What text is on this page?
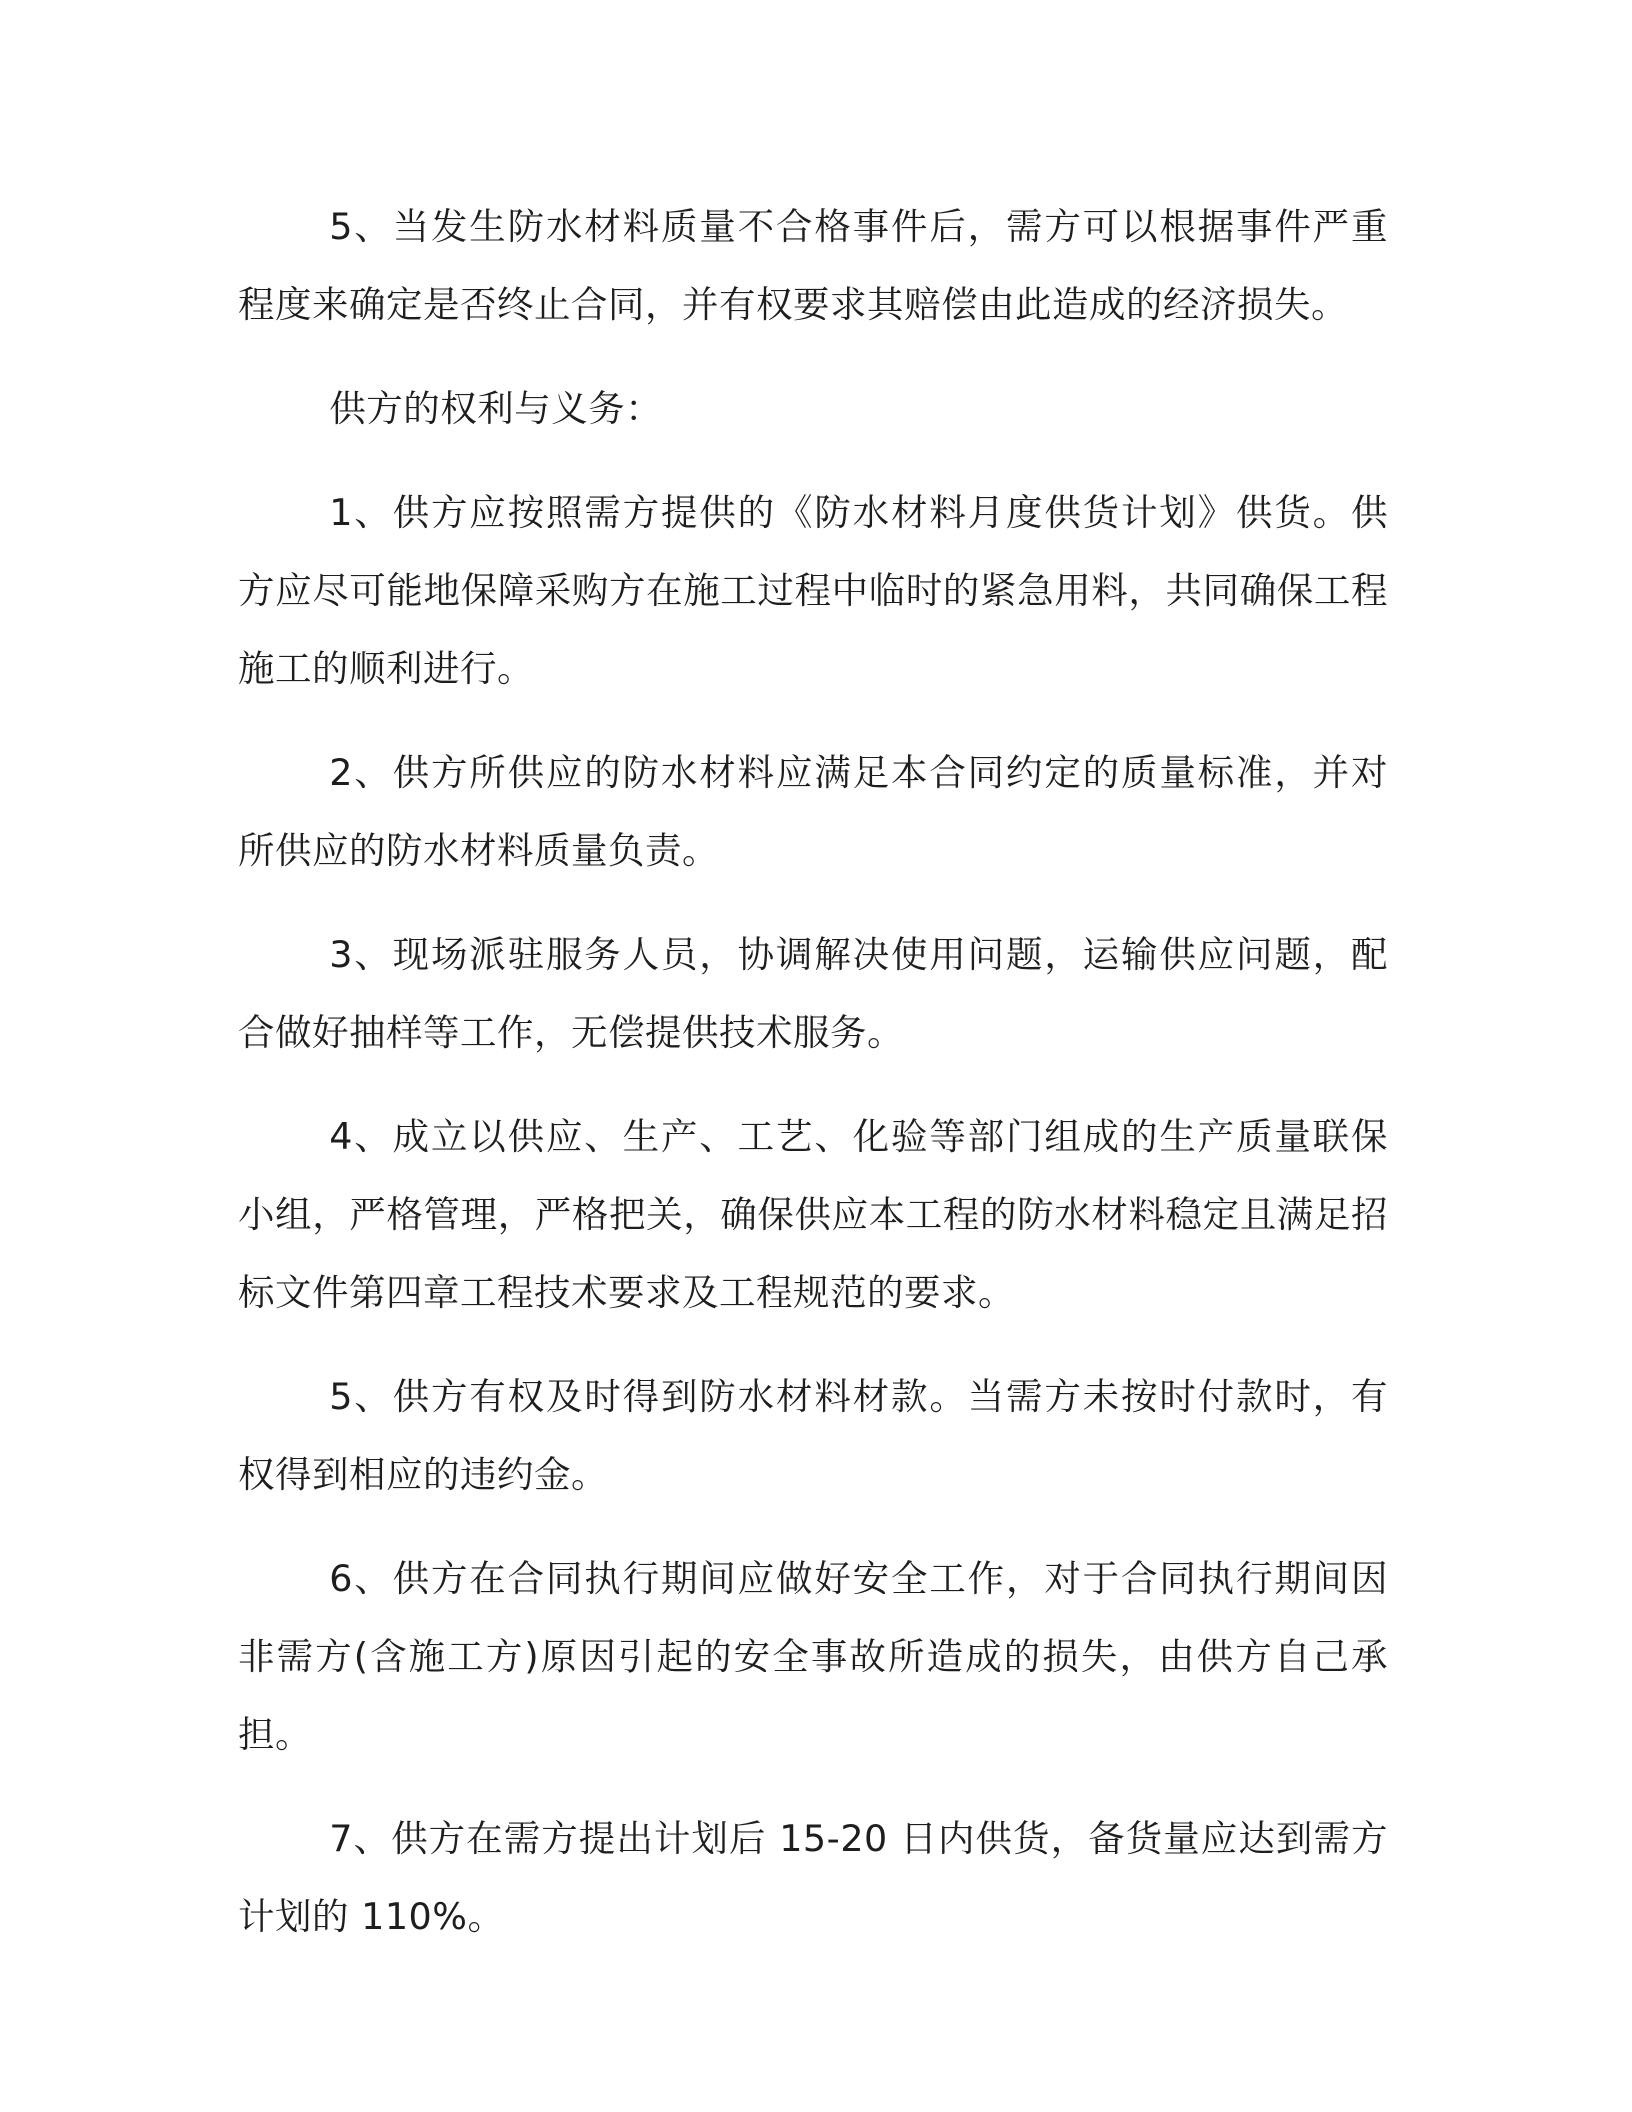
5、当发生防水材料质量不合格事件后，需方可以根据事件严重程度来确定是否终止合同，并有权要求其赔偿由此造成的经济损失。

供方的权利与义务：

1、供方应按照需方提供的《防水材料月度供货计划》供货。供方应尽可能地保障采购方在施工过程中临时的紧急用料，共同确保工程施工的顺利进行。

2、供方所供应的防水材料应满足本合同约定的质量标准，并对所供应的防水材料质量负责。

3、现场派驻服务人员，协调解决使用问题，运输供应问题，配合做好抽样等工作，无偿提供技术服务。

4、成立以供应、生产、工艺、化验等部门组成的生产质量联保小组，严格管理，严格把关，确保供应本工程的防水材料稳定且满足招标文件第四章工程技术要求及工程规范的要求。

5、供方有权及时得到防水材料材款。当需方未按时付款时，有权得到相应的违约金。

6、供方在合同执行期间应做好安全工作，对于合同执行期间因非需方(含施工方)原因引起的安全事故所造成的损失，由供方自己承担。

7、供方在需方提出计划后 15-20 日内供货，备货量应达到需方计划的 110%。
